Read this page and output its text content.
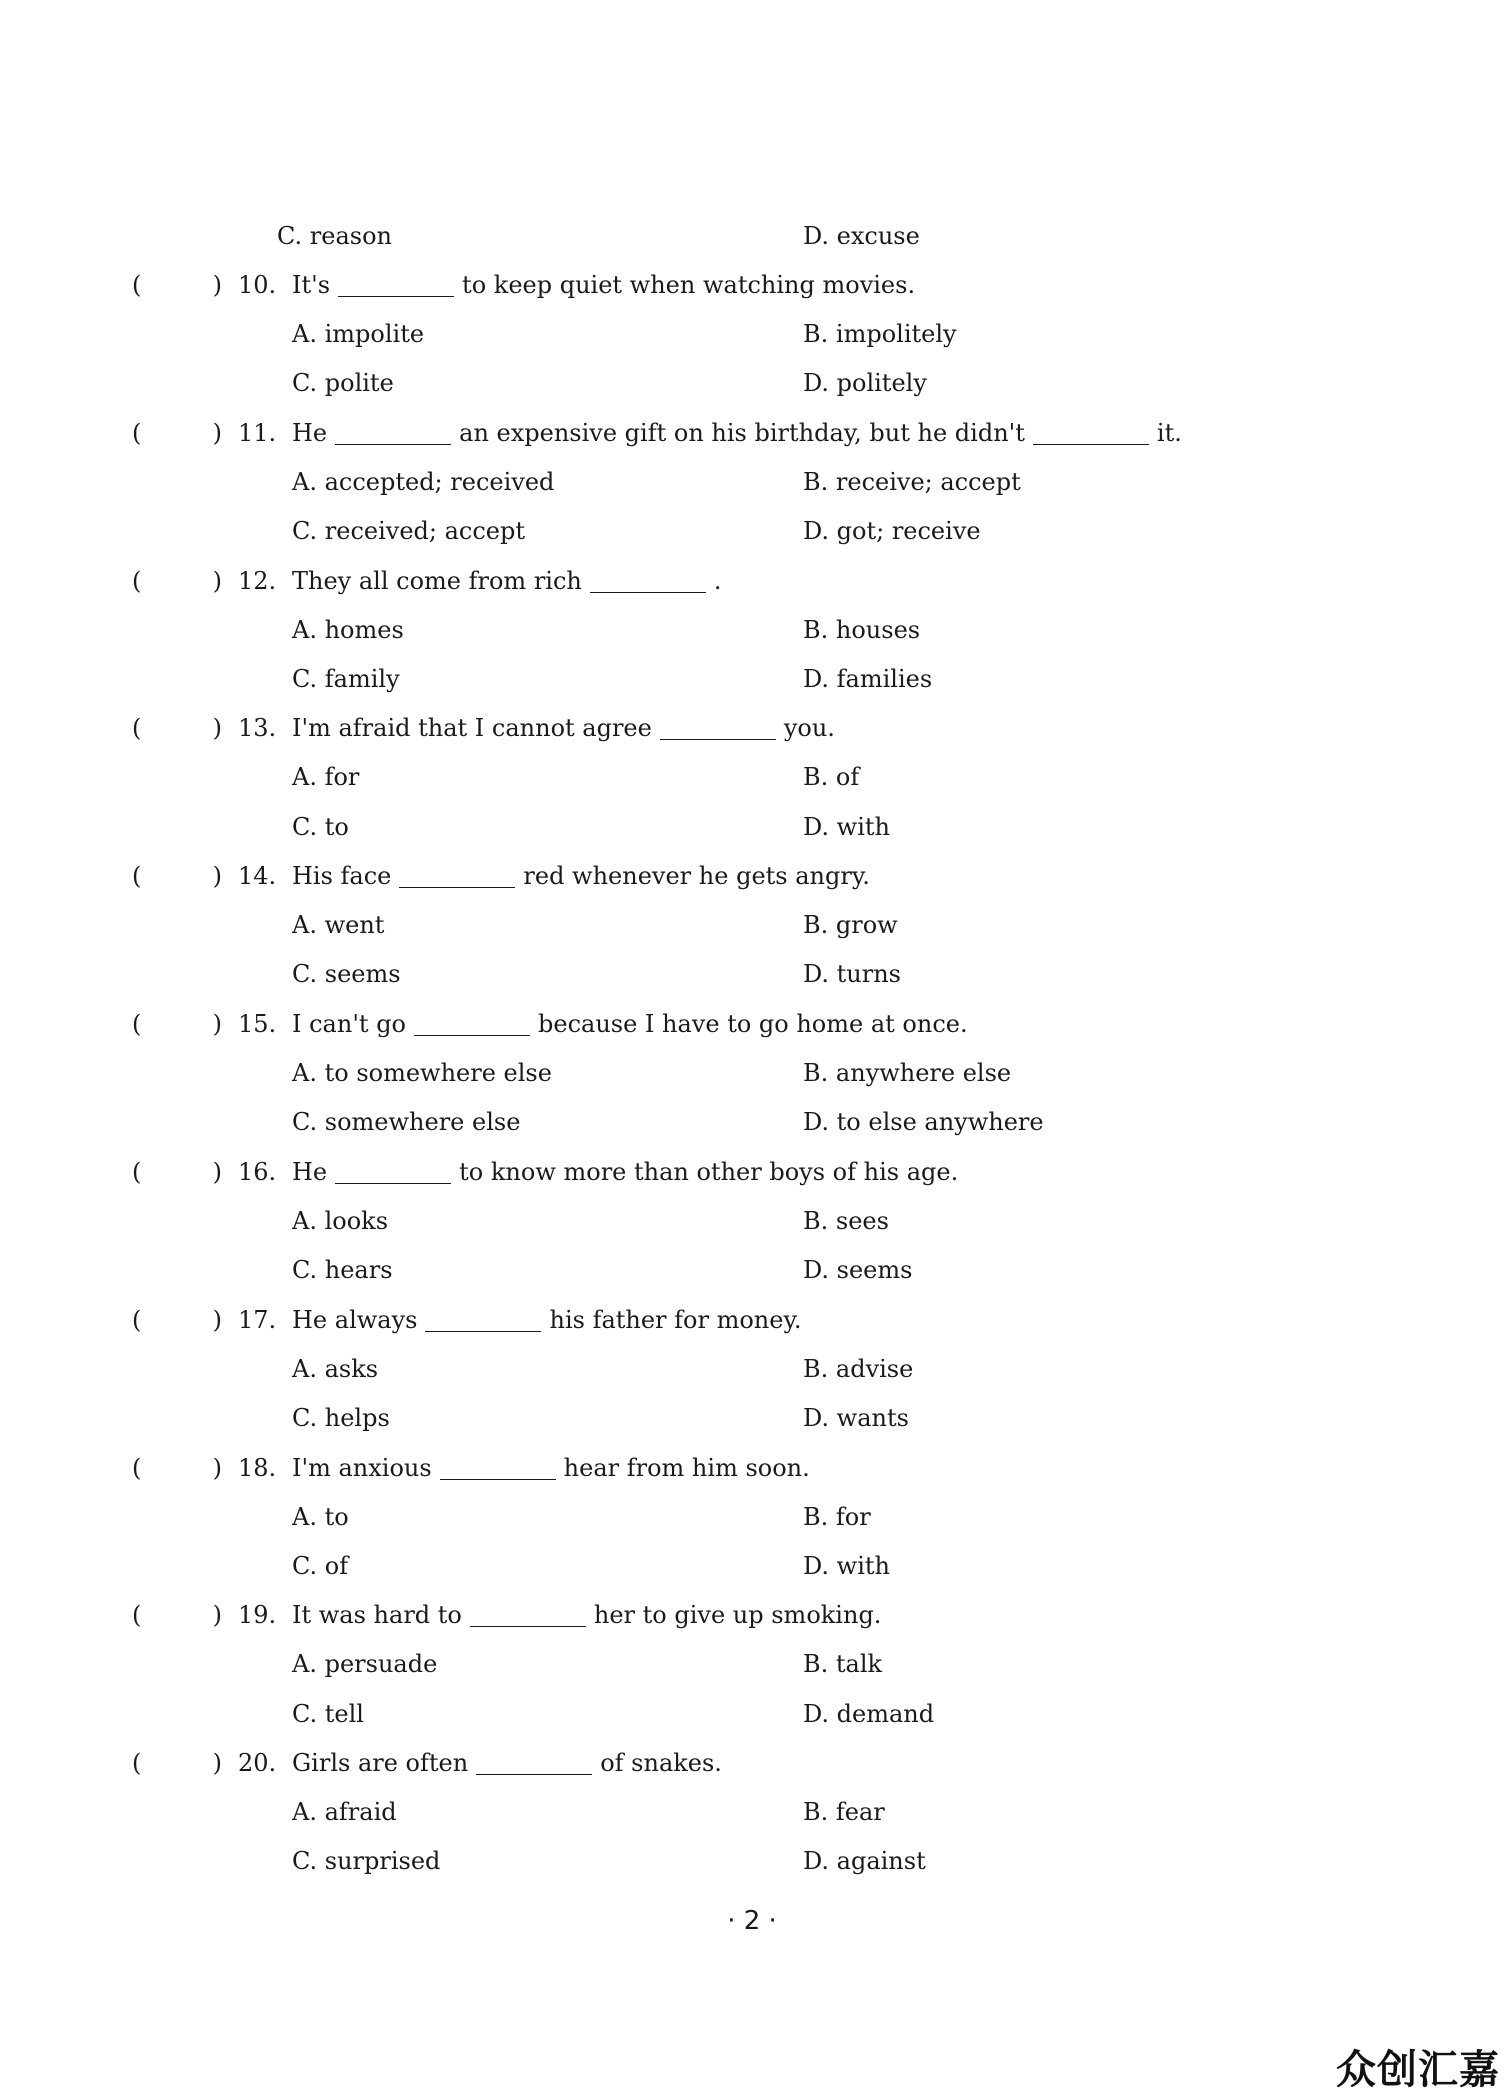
C. reason	D. excuse
(	) 10. It's	to keep quiet when watching movies.
A. impolite	B. impolitely
C. polite	D. politely
(	) 11. He	an expensive gift on his birthday, but he didn't	it.
A. accepted; received	B. receive; accept
C. received; accept	D. got; receive
(	) 12. They all come from rich	.
A. homes	B. houses
C. family	D. families
(	) 13. I'm afraid that I cannot agree	you.
A. for	B. of
C. to	D. with
(	) 14. His face	red whenever he gets angry.
A. went	B. grow
C. seems	D. turns
(	) 15. I can't go	because I have to go home at once.
A. to somewhere else	B. anywhere else
C. somewhere else	D. to else anywhere
(	) 16. He	to know more than other boys of his age.
A. looks	B. sees
C. hears	D. seems
(	) 17. He always	his father for money.
A. asks	B. advise
C. helps	D. wants
(	) 18. I'm anxious	hear from him soon.
A. to	B. for
C. of	D. with
(	) 19. It was hard to	her to give up smoking.
A. persuade	B. talk
C. tell	D. demand
(	) 20. Girls are often	of snakes.
A. afraid	B. fear
C. surprised	D. against
· 2 ·
众创汇嘉
